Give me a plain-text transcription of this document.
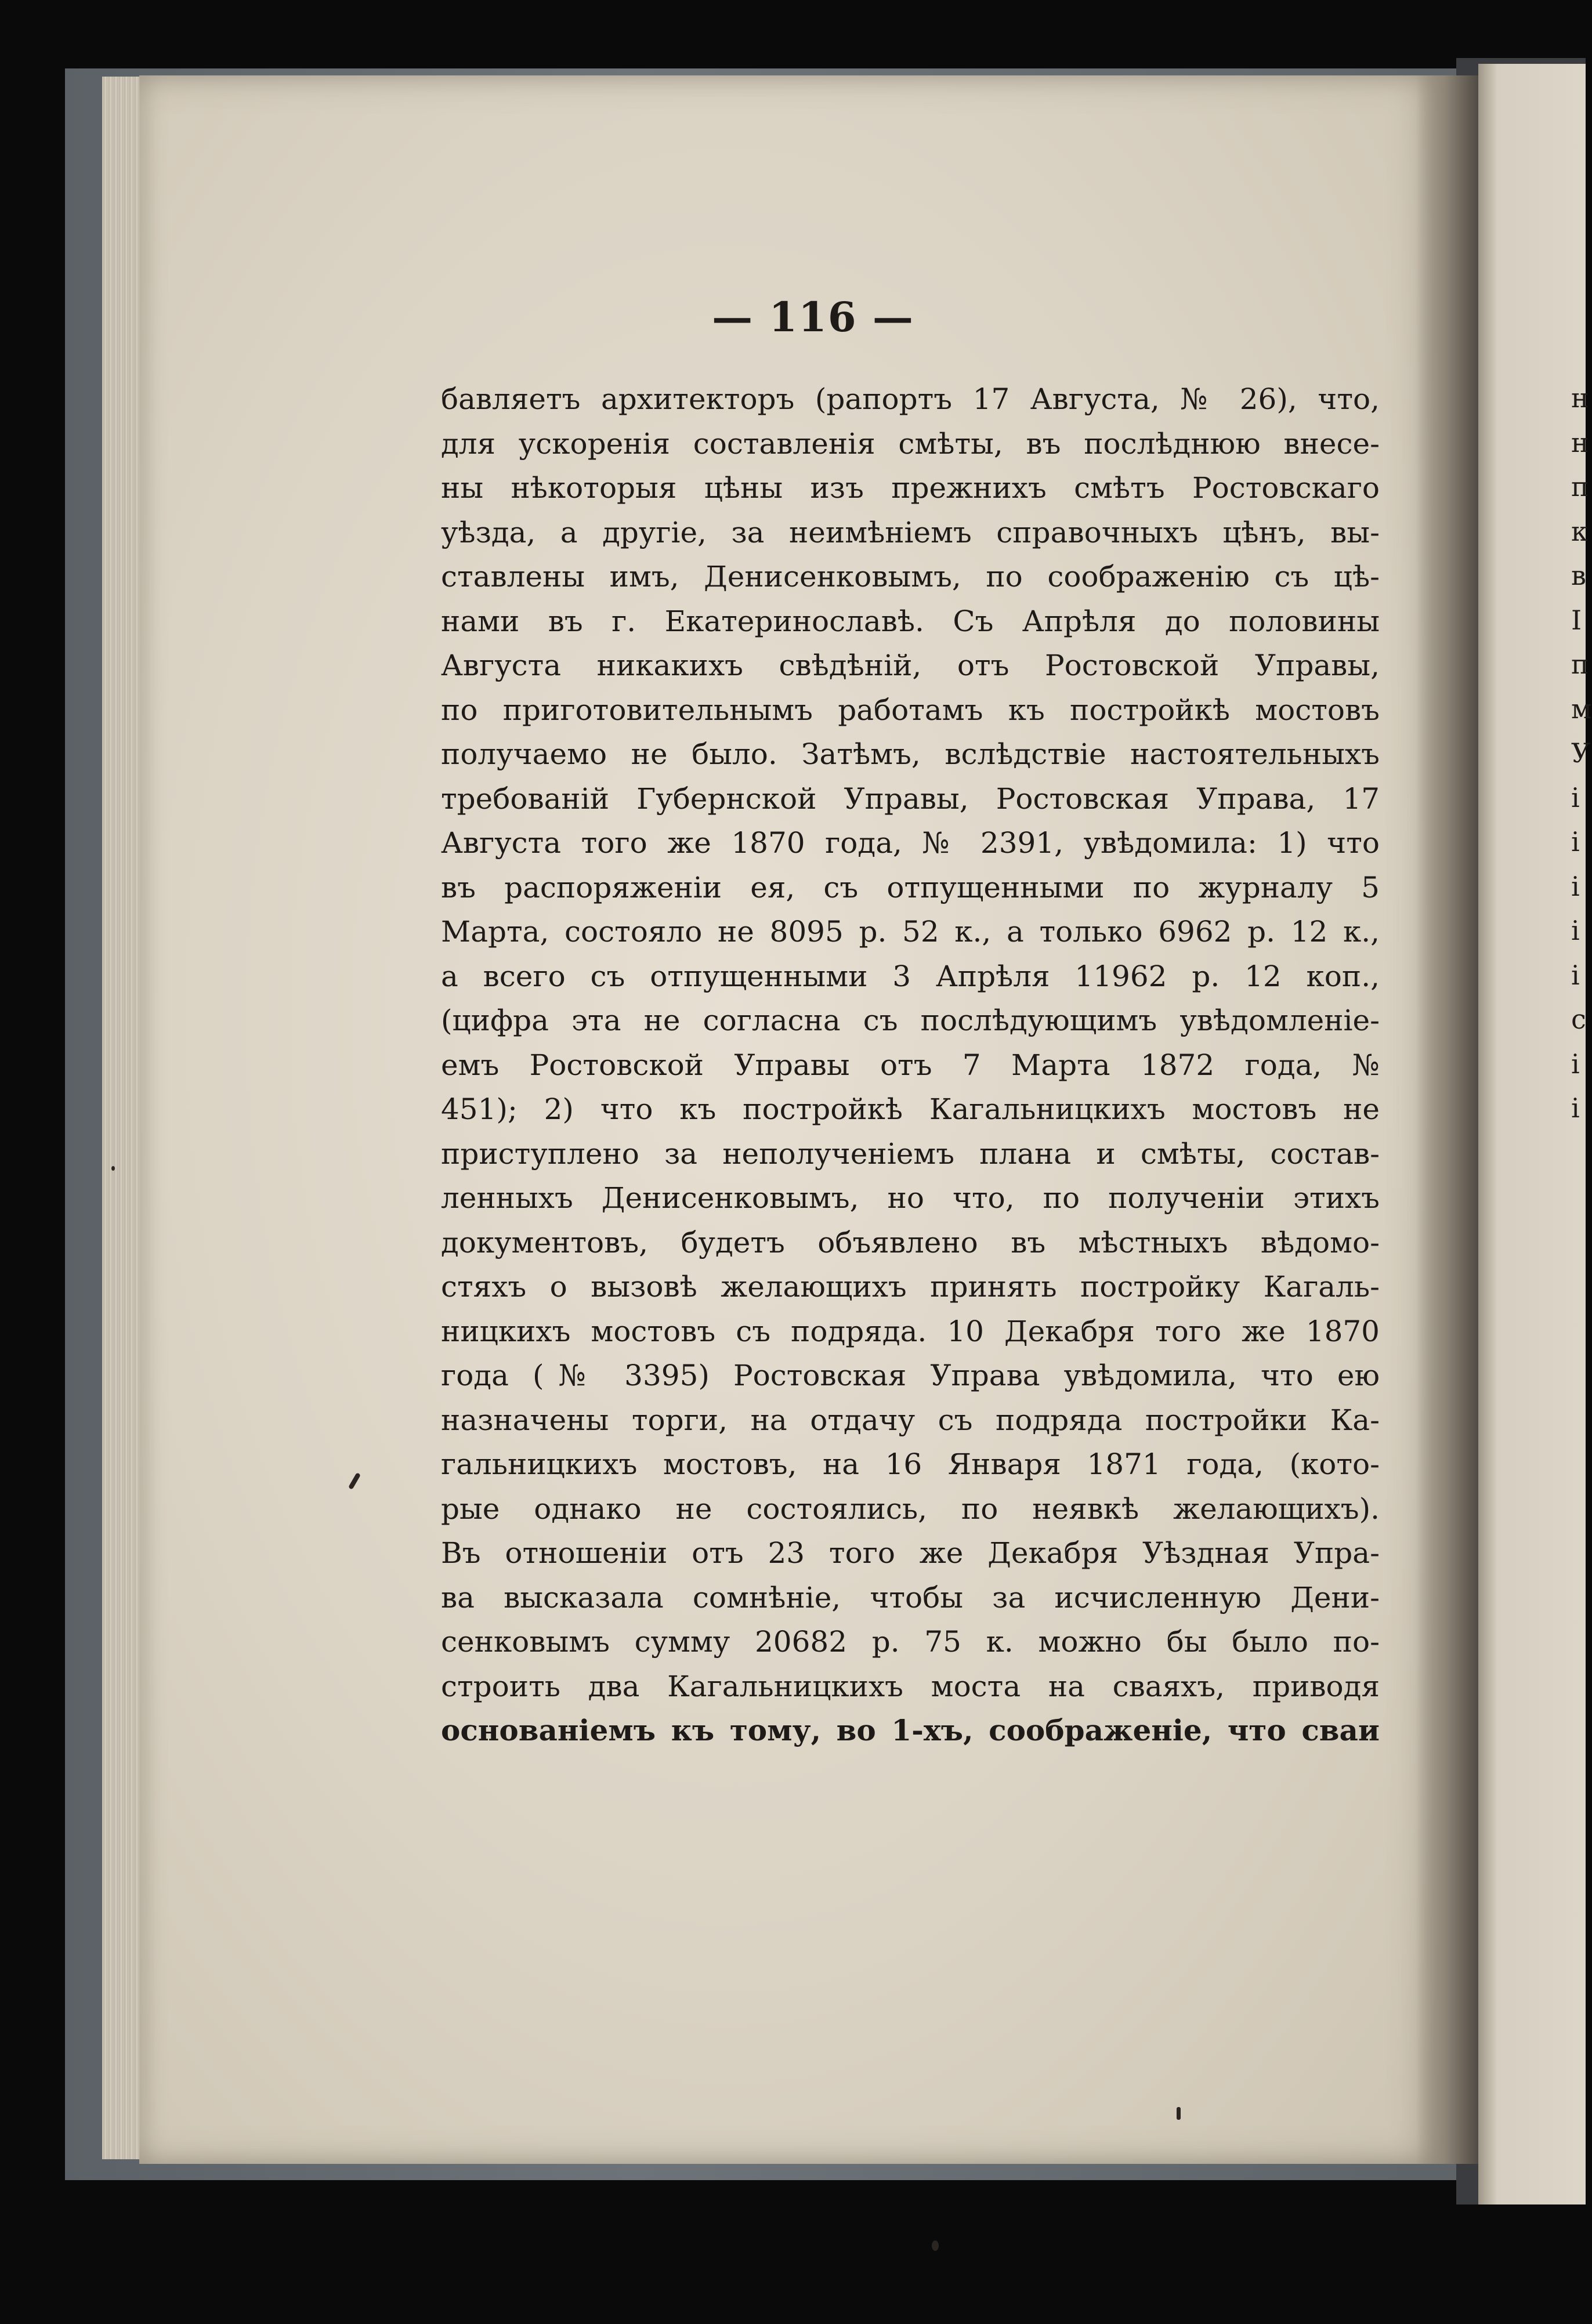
— 116 —
бавляетъ архитекторъ (рапортъ 17 Августа, № 26), что,
для ускоренія составленія смѣты, въ послѣднюю внесе-
ны нѣкоторыя цѣны изъ прежнихъ смѣтъ Ростовскаго
уѣзда, а другіе, за неимѣніемъ справочныхъ цѣнъ, вы-
ставлены имъ, Денисенковымъ, по соображенію съ цѣ-
нами въ г. Екатеринославѣ. Съ Апрѣля до половины
Августа никакихъ свѣдѣній, отъ Ростовской Управы,
по приготовительнымъ работамъ къ постройкѣ мостовъ
получаемо не было. Затѣмъ, вслѣдствіе настоятельныхъ
требованій Губернской Управы, Ростовская Управа, 17
Августа того же 1870 года, № 2391, увѣдомила: 1) что
въ распоряженіи ея, съ отпущенными по журналу 5
Марта, состояло не 8095 р. 52 к., а только 6962 р. 12 к.,
а всего съ отпущенными 3 Апрѣля 11962 р. 12 коп.,
(цифра эта не согласна съ послѣдующимъ увѣдомленіе-
емъ Ростовской Управы отъ 7 Марта 1872 года, №
451); 2) что къ постройкѣ Кагальницкихъ мостовъ не
приступлено за неполученіемъ плана и смѣты, состав-
ленныхъ Денисенковымъ, но что, по полученіи этихъ
документовъ, будетъ объявлено въ мѣстныхъ вѣдомо-
стяхъ о вызовѣ желающихъ принять постройку Кагаль-
ницкихъ мостовъ съ подряда. 10 Декабря того же 1870
года (№ 3395) Ростовская Управа увѣдомила, что ею
назначены торги, на отдачу съ подряда постройки Ка-
гальницкихъ мостовъ, на 16 Января 1871 года, (кото-
рые однако не состоялись, по неявкѣ желающихъ).
Въ отношеніи отъ 23 того же Декабря Уѣздная Упра-
ва высказала сомнѣніе, чтобы за исчисленную Дени-
сенковымъ сумму 20682 р. 75 к. можно бы было по-
строить два Кагальницкихъ моста на сваяхъ, приводя
основаніемъ къ тому, во 1-хъ, соображеніе, что сваи
н
н
п
к
в
I
п
м
У
і
і
і
і
і
с
і
і
